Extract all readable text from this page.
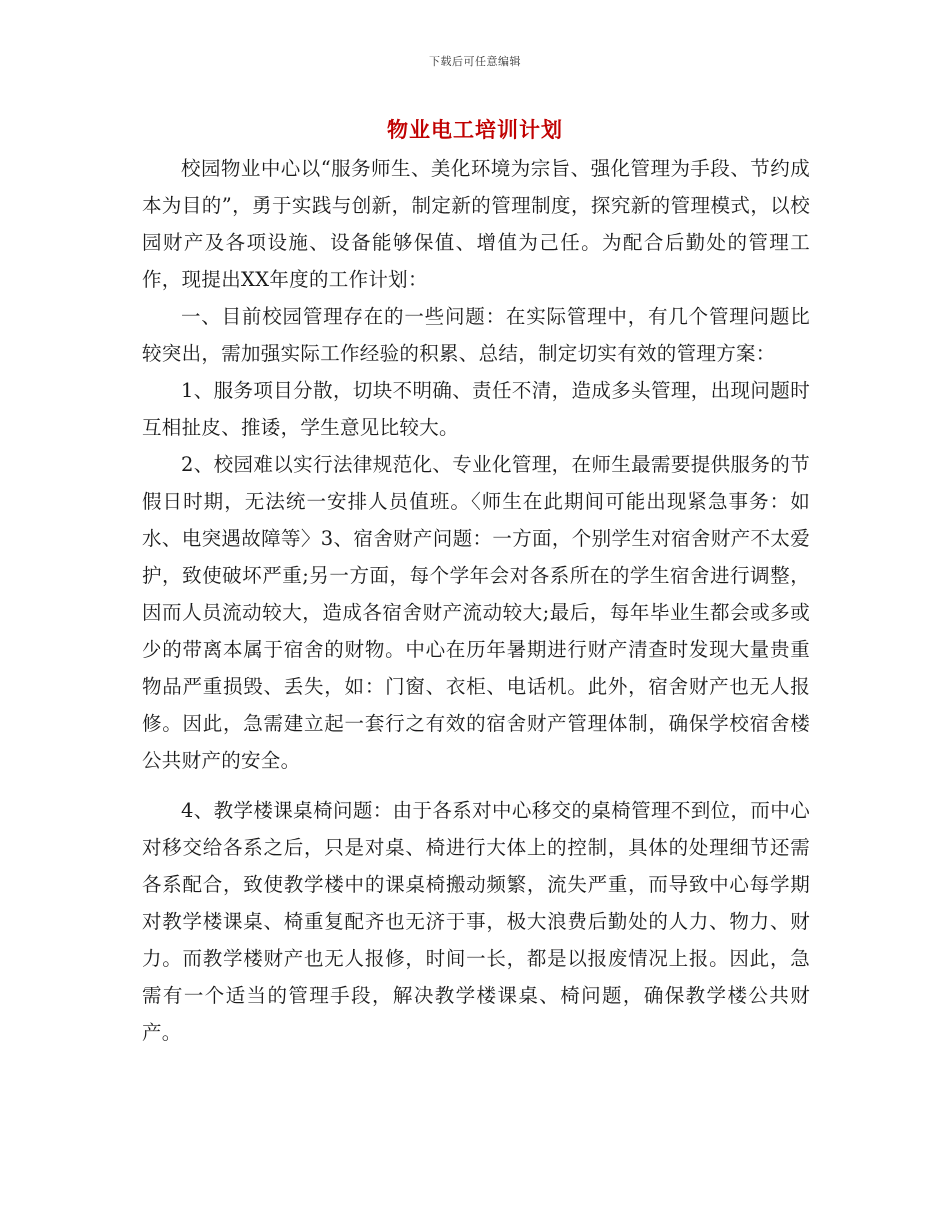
下载后可任意编辑
物业电工培训计划

校园物业中心以“服务师生、美化环境为宗旨、强化管理为手段、节约成本为目的”，勇于实践与创新，制定新的管理制度，探究新的管理模式，以校园财产及各项设施、设备能够保值、增值为己任。为配合后勤处的管理工作，现提出XX年度的工作计划：

一、目前校园管理存在的一些问题：在实际管理中，有几个管理问题比较突出，需加强实际工作经验的积累、总结，制定切实有效的管理方案：

1、服务项目分散，切块不明确、责任不清，造成多头管理，出现问题时互相扯皮、推诿，学生意见比较大。

2、校园难以实行法律规范化、专业化管理，在师生最需要提供服务的节假日时期，无法统一安排人员值班。〈师生在此期间可能出现紧急事务：如水、电突遇故障等〉3、宿舍财产问题：一方面，个别学生对宿舍财产不太爱护，致使破坏严重;另一方面，每个学年会对各系所在的学生宿舍进行调整，因而人员流动较大，造成各宿舍财产流动较大;最后，每年毕业生都会或多或少的带离本属于宿舍的财物。中心在历年暑期进行财产清查时发现大量贵重物品严重损毁、丢失，如：门窗、衣柜、电话机。此外，宿舍财产也无人报修。因此，急需建立起一套行之有效的宿舍财产管理体制，确保学校宿舍楼公共财产的安全。

4、教学楼课桌椅问题：由于各系对中心移交的桌椅管理不到位，而中心对移交给各系之后，只是对桌、椅进行大体上的控制，具体的处理细节还需各系配合，致使教学楼中的课桌椅搬动频繁，流失严重，而导致中心每学期对教学楼课桌、椅重复配齐也无济于事，极大浪费后勤处的人力、物力、财力。而教学楼财产也无人报修，时间一长，都是以报废情况上报。因此，急需有一个适当的管理手段，解决教学楼课桌、椅问题，确保教学楼公共财产。
